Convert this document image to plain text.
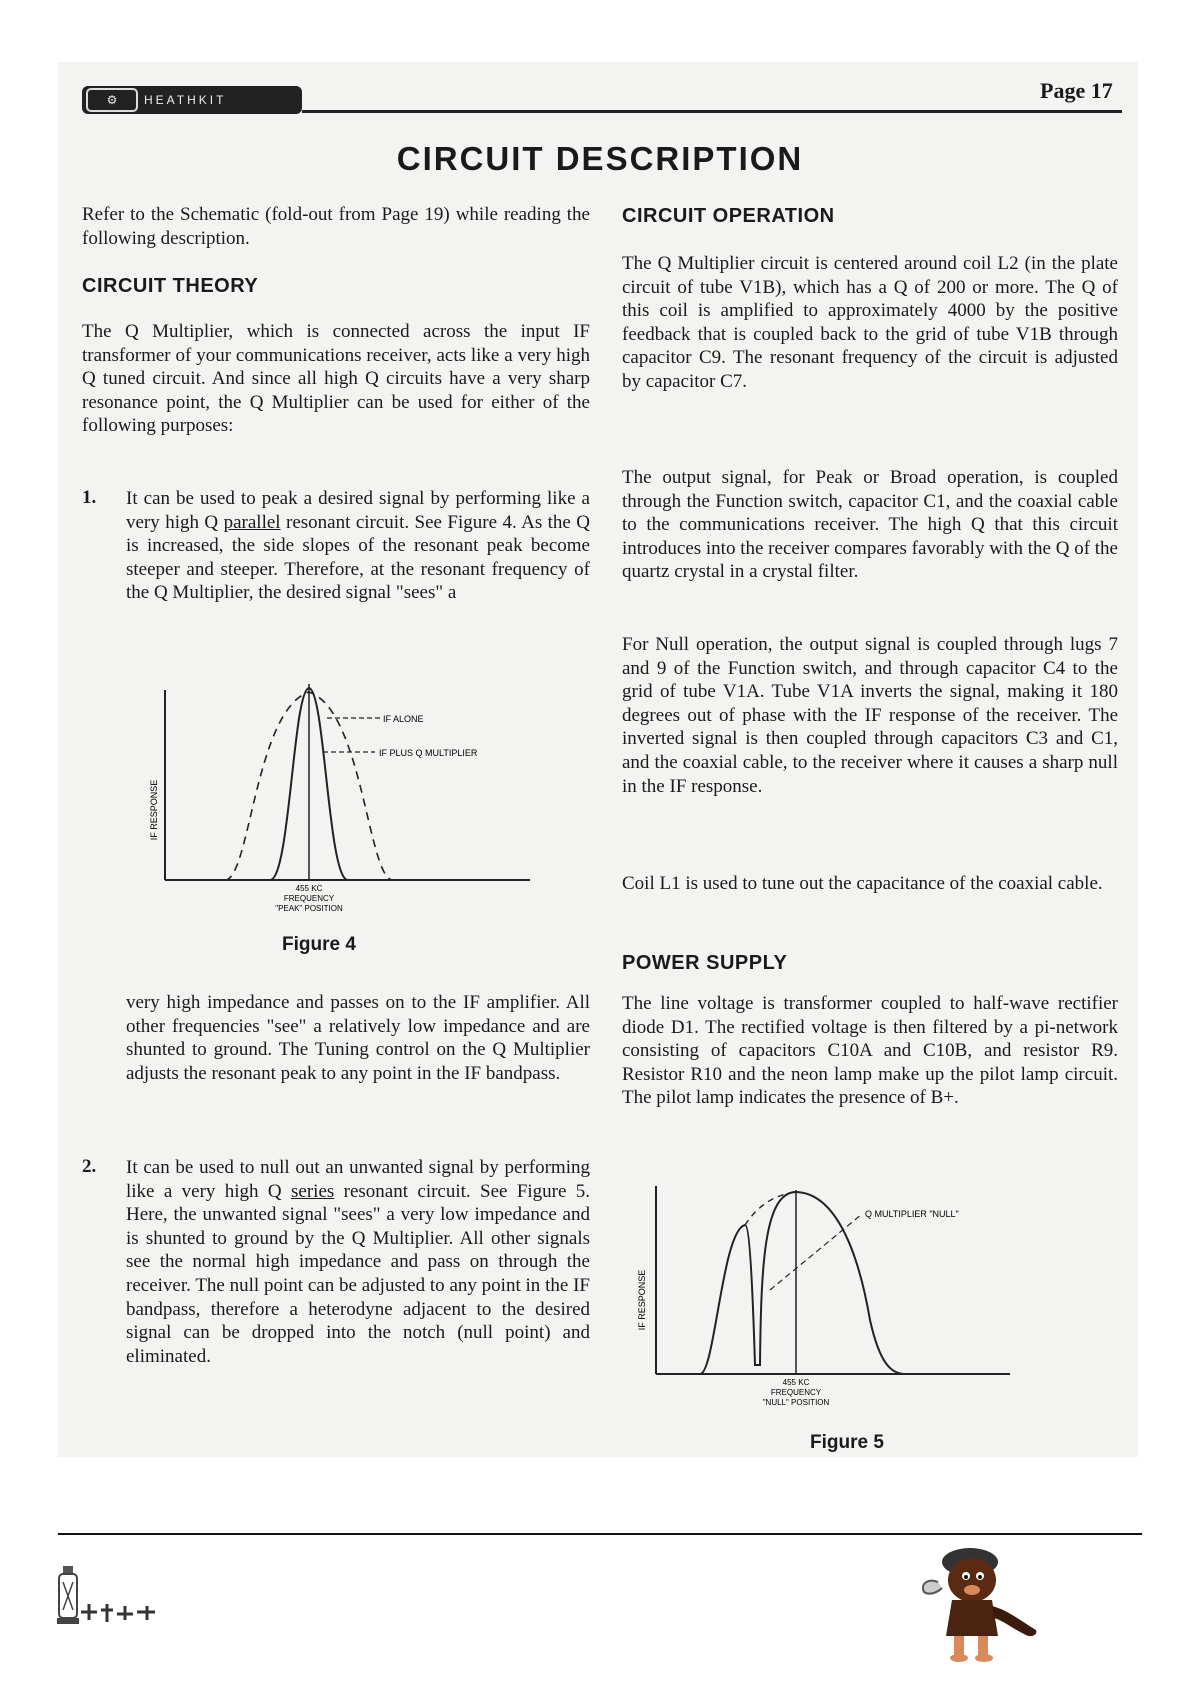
⚙	HEATHKIT	Page 17
CIRCUIT DESCRIPTION

Refer to the Schematic (fold-out from Page 19) while reading the following description.

CIRCUIT THEORY

The Q Multiplier, which is connected across the input IF transformer of your communications receiver, acts like a very high Q tuned circuit. And since all high Q circuits have a very sharp resonance point, the Q Multiplier can be used for either of the following purposes:

1. It can be used to peak a desired signal by performing like a very high Q parallel resonant circuit. See Figure 4. As the Q is increased, the side slopes of the resonant peak become steeper and steeper. Therefore, at the resonant frequency of the Q Multiplier, the desired signal "sees" a

IF ALONE
IF PLUS Q MULTIPLIER
IF RESPONSE
455 KC
FREQUENCY
"PEAK" POSITION
Figure 4

very high impedance and passes on to the IF amplifier. All other frequencies "see" a relatively low impedance and are shunted to ground. The Tuning control on the Q Multiplier adjusts the resonant peak to any point in the IF bandpass.

2. It can be used to null out an unwanted signal by performing like a very high Q series resonant circuit. See Figure 5. Here, the unwanted signal "sees" a very low impedance and is shunted to ground by the Q Multiplier. All other signals see the normal high impedance and pass on through the receiver. The null point can be adjusted to any point in the IF bandpass, therefore a heterodyne adjacent to the desired signal can be dropped into the notch (null point) and eliminated.

CIRCUIT OPERATION

The Q Multiplier circuit is centered around coil L2 (in the plate circuit of tube V1B), which has a Q of 200 or more. The Q of this coil is amplified to approximately 4000 by the positive feedback that is coupled back to the grid of tube V1B through capacitor C9. The resonant frequency of the circuit is adjusted by capacitor C7.

The output signal, for Peak or Broad operation, is coupled through the Function switch, capacitor C1, and the coaxial cable to the communications receiver. The high Q that this circuit introduces into the receiver compares favorably with the Q of the quartz crystal in a crystal filter.

For Null operation, the output signal is coupled through lugs 7 and 9 of the Function switch, and through capacitor C4 to the grid of tube V1A. Tube V1A inverts the signal, making it 180 degrees out of phase with the IF response of the receiver. The inverted signal is then coupled through capacitors C3 and C1, and the coaxial cable, to the receiver where it causes a sharp null in the IF response.

Coil L1 is used to tune out the capacitance of the coaxial cable.

POWER SUPPLY

The line voltage is transformer coupled to half-wave rectifier diode D1. The rectified voltage is then filtered by a pi-network consisting of capacitors C10A and C10B, and resistor R9. Resistor R10 and the neon lamp make up the pilot lamp circuit. The pilot lamp indicates the presence of B+.

Q MULTIPLIER "NULL"
IF RESPONSE
455 KC
FREQUENCY
"NULL" POSITION
Figure 5
